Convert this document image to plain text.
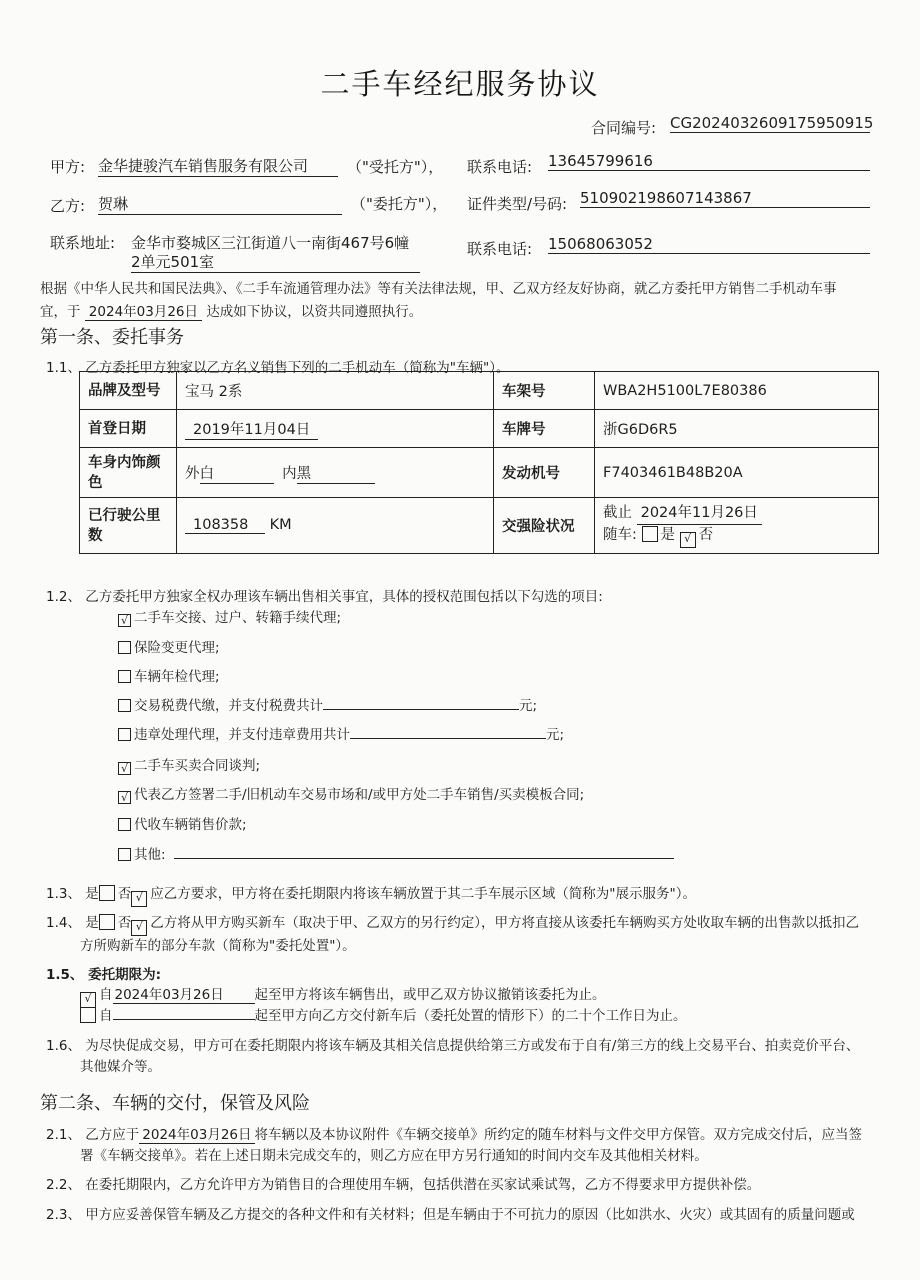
二手车经纪服务协议
合同编号: CG2024032609175950915
甲方: 金华捷骏汽车销售服务有限公司	（"受托方"）， 联系电话: 13645799616
乙方: 贺琳	（"委托方"）， 证件类型/号码: 510902198607143867
联系地址: 金华市婺城区三江街道八一南街467号6幢
2单元501室
联系电话: 15068063052
根据《中华人民共和国民法典》、《二手车流通管理办法》等有关法律法规，甲、乙双方经友好协商，就乙方委托甲方销售二手机动车事
宜，于 2024年03月26日 达成如下协议，以资共同遵照执行。
第一条、委托事务
1.1、 乙方委托甲方独家以乙方名义销售下列的二手机动车（简称为"车辆"）。
品牌及型号	宝马 2系	车架号	WBA2H5100L7E80386
首登日期	2019年11月04日	车牌号	浙G6D6R5
车身内饰颜色	外白 内黑	发动机号	F7403461B48B20A
已行驶公里数	108358 KM	交强险状况	截止 2024年11月26日
随车: 是 √ 否
1.2、 乙方委托甲方独家全权办理该车辆出售相关事宜，具体的授权范围包括以下勾选的项目:
√ 二手车交接、过户、转籍手续代理;
保险变更代理;
车辆年检代理;
交易税费代缴，并支付税费共计	元;
违章处理代理，并支付违章费用共计	元;
√ 二手车买卖合同谈判;
√ 代表乙方签署二手/旧机动车交易市场和/或甲方处二手车销售/买卖模板合同;
代收车辆销售价款;
其他:
1.3、 是 否 √ 应乙方要求，甲方将在委托期限内将该车辆放置于其二手车展示区域（简称为"展示服务"）。
1.4、 是 否 √ 乙方将从甲方购买新车（取决于甲、乙双方的另行约定），甲方将直接从该委托车辆购买方处收取车辆的出售款以抵扣乙
方所购新车的部分车款（简称为"委托处置"）。
1.5、 委托期限为:
√ 自 2024年03月26日 起至甲方将该车辆售出，或甲乙双方协议撤销该委托为止。
自	起至甲方向乙方交付新车后（委托处置的情形下）的二十个工作日为止。
1.6、 为尽快促成交易，甲方可在委托期限内将该车辆及其相关信息提供给第三方或发布于自有/第三方的线上交易平台、拍卖竞价平台、
其他媒介等。
第二条、车辆的交付，保管及风险
2.1、 乙方应于 2024年03月26日 将车辆以及本协议附件《车辆交接单》所约定的随车材料与文件交甲方保管。双方完成交付后，应当签
署《车辆交接单》。若在上述日期未完成交车的，则乙方应在甲方另行通知的时间内交车及其他相关材料。
2.2、 在委托期限内，乙方允许甲方为销售目的合理使用车辆，包括供潜在买家试乘试驾，乙方不得要求甲方提供补偿。
2.3、 甲方应妥善保管车辆及乙方提交的各种文件和有关材料；但是车辆由于不可抗力的原因（比如洪水、火灾）或其固有的质量问题或
